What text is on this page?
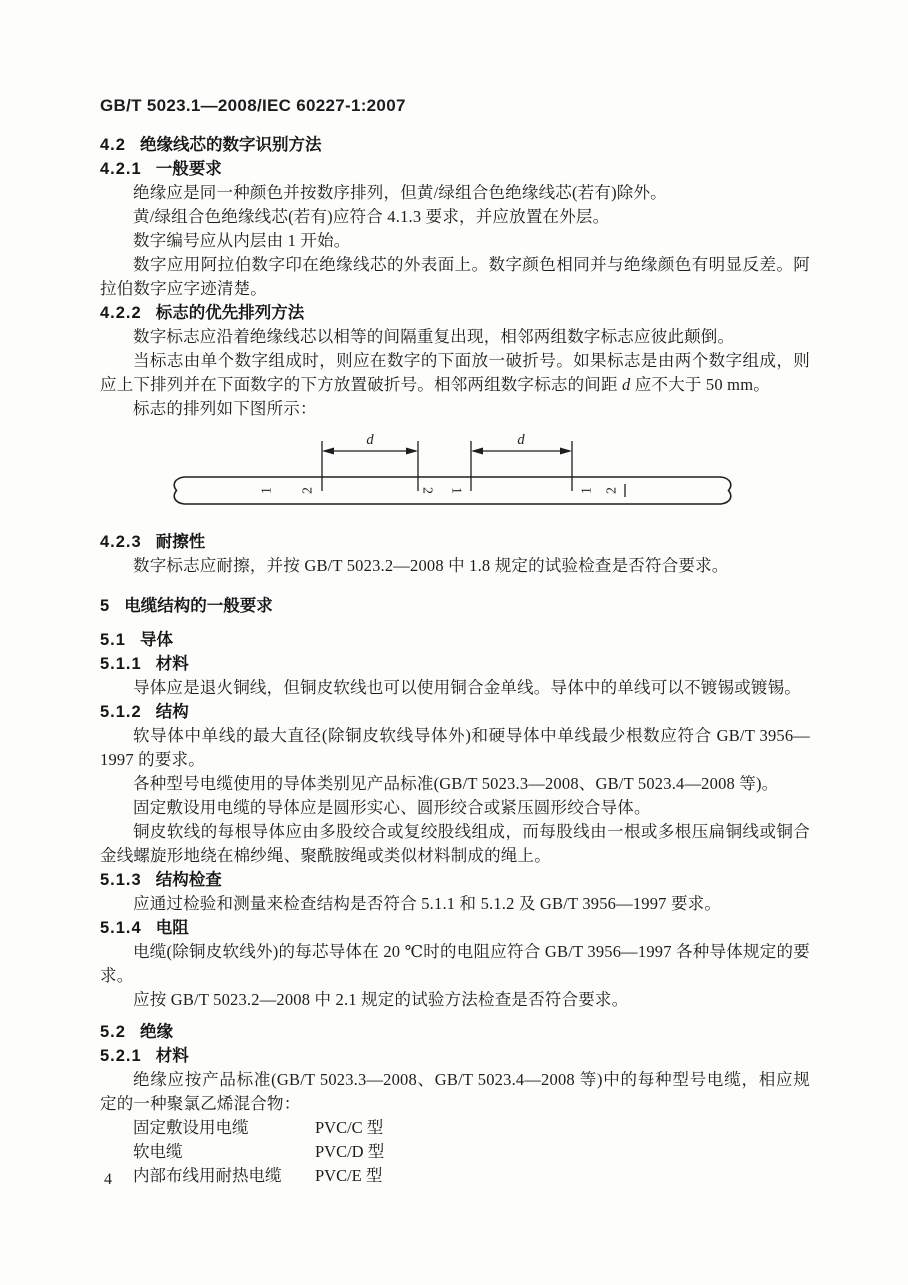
GB/T 5023.1—2008/IEC 60227-1:2007
4.2 绝缘线芯的数字识别方法
4.2.1 一般要求

绝缘应是同一种颜色并按数序排列，但黄/绿组合色绝缘线芯(若有)除外。

黄/绿组合色绝缘线芯(若有)应符合 4.1.3 要求，并应放置在外层。

数字编号应从内层由 1 开始。

数字应用阿拉伯数字印在绝缘线芯的外表面上。数字颜色相同并与绝缘颜色有明显反差。阿拉伯数字应字迹清楚。

4.2.2 标志的优先排列方法

数字标志应沿着绝缘线芯以相等的间隔重复出现，相邻两组数字标志应彼此颠倒。

当标志由单个数字组成时，则应在数字的下面放一破折号。如果标志是由两个数字组成，则应上下排列并在下面数字的下方放置破折号。相邻两组数字标志的间距 d 应不大于 50 mm。

标志的排列如下图所示：

d	d
1 2	2 1	1 2
4.2.3 耐擦性

数字标志应耐擦，并按 GB/T 5023.2—2008 中 1.8 规定的试验检查是否符合要求。

5 电缆结构的一般要求
5.1 导体
5.1.1 材料

导体应是退火铜线，但铜皮软线也可以使用铜合金单线。导体中的单线可以不镀锡或镀锡。

5.1.2 结构

软导体中单线的最大直径(除铜皮软线导体外)和硬导体中单线最少根数应符合 GB/T 3956—1997 的要求。

各种型号电缆使用的导体类别见产品标准(GB/T 5023.3—2008、GB/T 5023.4—2008 等)。

固定敷设用电缆的导体应是圆形实心、圆形绞合或紧压圆形绞合导体。

铜皮软线的每根导体应由多股绞合或复绞股线组成，而每股线由一根或多根压扁铜线或铜合金线螺旋形地绕在棉纱绳、聚酰胺绳或类似材料制成的绳上。

5.1.3 结构检查

应通过检验和测量来检查结构是否符合 5.1.1 和 5.1.2 及 GB/T 3956—1997 要求。

5.1.4 电阻

电缆(除铜皮软线外)的每芯导体在 20 ℃时的电阻应符合 GB/T 3956—1997 各种导体规定的要求。

应按 GB/T 5023.2—2008 中 2.1 规定的试验方法检查是否符合要求。

5.2 绝缘
5.2.1 材料

绝缘应按产品标准(GB/T 5023.3—2008、GB/T 5023.4—2008 等)中的每种型号电缆，相应规定的一种聚氯乙烯混合物：

固定敷设用电缆	PVC/C 型
软电缆	PVC/D 型
内部布线用耐热电缆	PVC/E 型
4
